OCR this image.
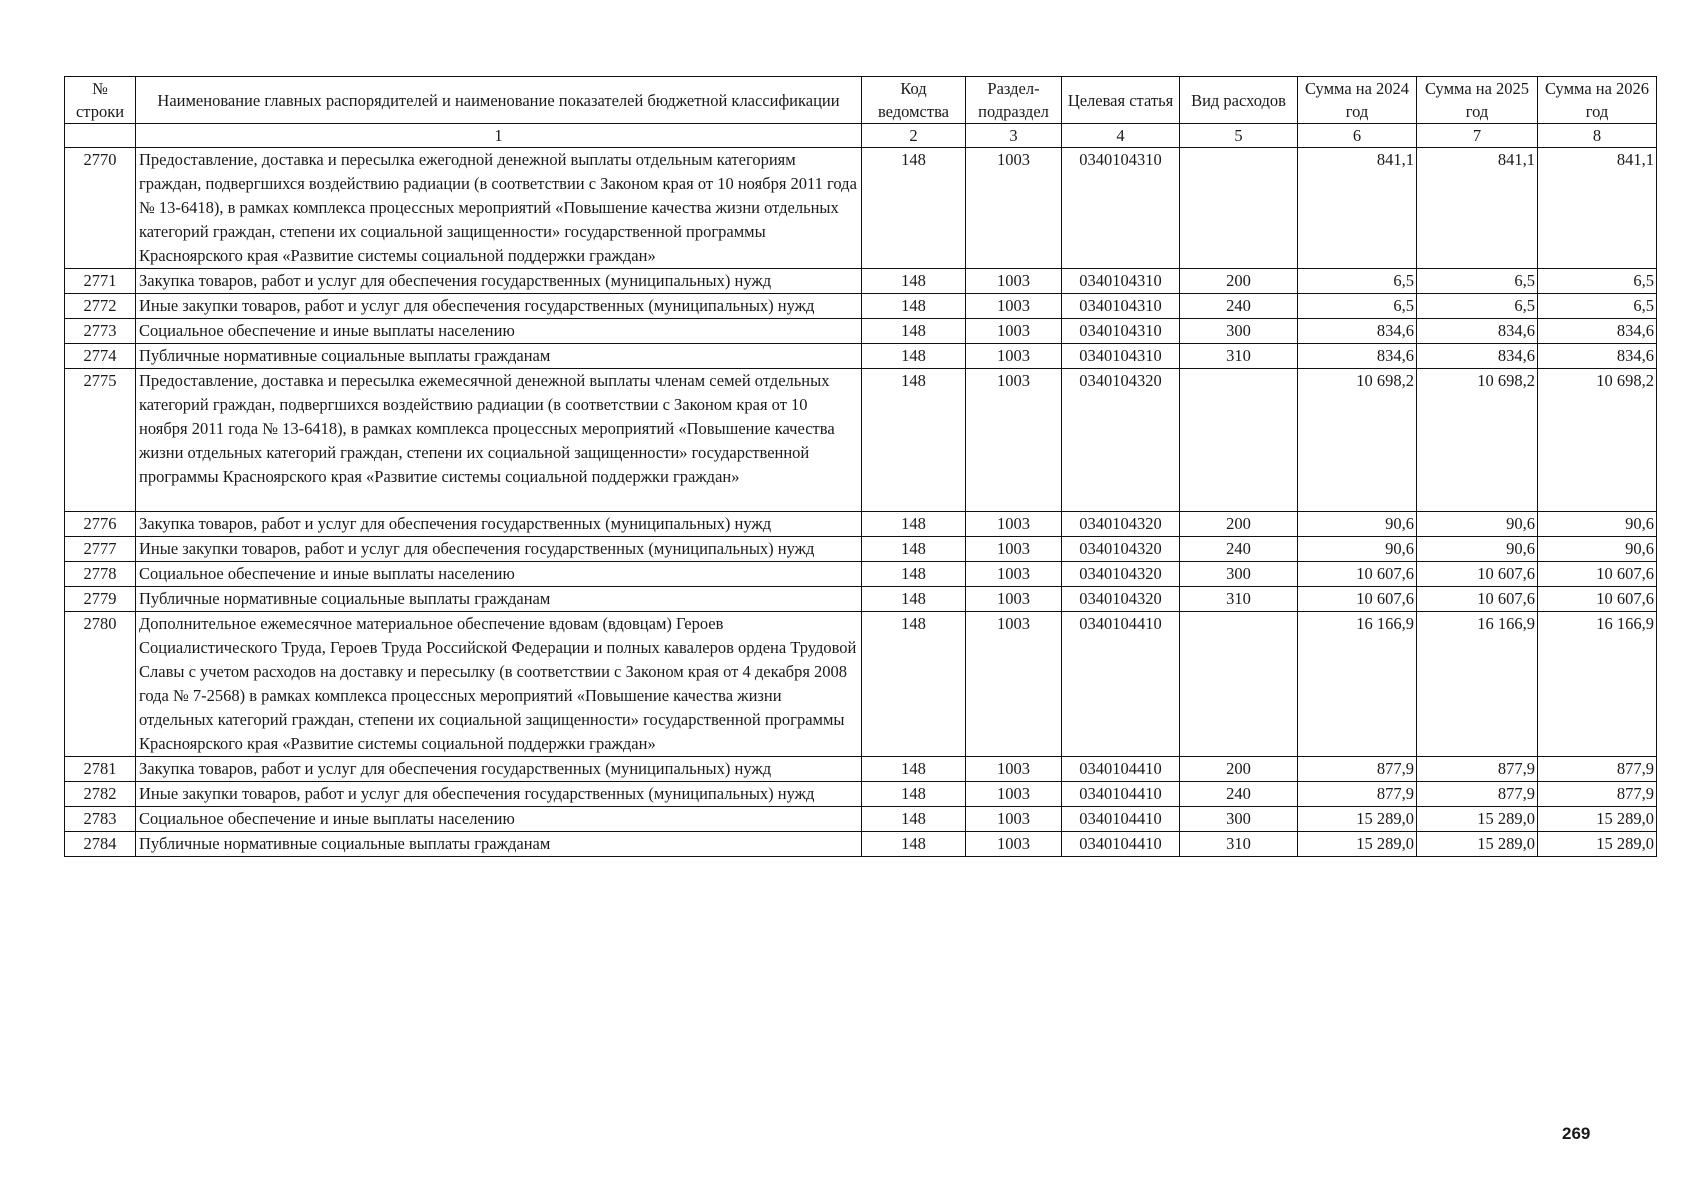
№ строки	Наименование главных распорядителей и наименование показателей бюджетной классификации	Код ведомства	Раздел-подраздел	Целевая статья	Вид расходов	Сумма на 2024 год	Сумма на 2025 год	Сумма на 2026 год
	1	2	3	4	5	6	7	8
2770	Предоставление, доставка и пересылка ежегодной денежной выплаты отдельным категориям граждан, подвергшихся воздействию радиации (в соответствии с Законом края от 10 ноября 2011 года № 13-6418), в рамках комплекса процессных мероприятий «Повышение качества жизни отдельных категорий граждан, степени их социальной защищенности» государственной программы Красноярского края «Развитие системы социальной поддержки граждан»	148	1003	0340104310		841,1	841,1	841,1
2771	Закупка товаров, работ и услуг для обеспечения государственных (муниципальных) нужд	148	1003	0340104310	200	6,5	6,5	6,5
2772	Иные закупки товаров, работ и услуг для обеспечения государственных (муниципальных) нужд	148	1003	0340104310	240	6,5	6,5	6,5
2773	Социальное обеспечение и иные выплаты населению	148	1003	0340104310	300	834,6	834,6	834,6
2774	Публичные нормативные социальные выплаты гражданам	148	1003	0340104310	310	834,6	834,6	834,6
2775	Предоставление, доставка и пересылка ежемесячной денежной выплаты членам семей отдельных категорий граждан, подвергшихся воздействию радиации (в соответствии с Законом края от 10 ноября 2011 года № 13-6418), в рамках комплекса процессных мероприятий «Повышение качества жизни отдельных категорий граждан, степени их социальной защищенности» государственной программы Красноярского края «Развитие системы социальной поддержки граждан»	148	1003	0340104320		10 698,2	10 698,2	10 698,2
2776	Закупка товаров, работ и услуг для обеспечения государственных (муниципальных) нужд	148	1003	0340104320	200	90,6	90,6	90,6
2777	Иные закупки товаров, работ и услуг для обеспечения государственных (муниципальных) нужд	148	1003	0340104320	240	90,6	90,6	90,6
2778	Социальное обеспечение и иные выплаты населению	148	1003	0340104320	300	10 607,6	10 607,6	10 607,6
2779	Публичные нормативные социальные выплаты гражданам	148	1003	0340104320	310	10 607,6	10 607,6	10 607,6
2780	Дополнительное ежемесячное материальное обеспечение вдовам (вдовцам) Героев Социалистического Труда, Героев Труда Российской Федерации и полных кавалеров ордена Трудовой Славы с учетом расходов на доставку и пересылку (в соответствии с Законом края от 4 декабря 2008 года № 7-2568) в рамках комплекса процессных мероприятий «Повышение качества жизни отдельных категорий граждан, степени их социальной защищенности» государственной программы Красноярского края «Развитие системы социальной поддержки граждан»	148	1003	0340104410		16 166,9	16 166,9	16 166,9
2781	Закупка товаров, работ и услуг для обеспечения государственных (муниципальных) нужд	148	1003	0340104410	200	877,9	877,9	877,9
2782	Иные закупки товаров, работ и услуг для обеспечения государственных (муниципальных) нужд	148	1003	0340104410	240	877,9	877,9	877,9
2783	Социальное обеспечение и иные выплаты населению	148	1003	0340104410	300	15 289,0	15 289,0	15 289,0
2784	Публичные нормативные социальные выплаты гражданам	148	1003	0340104410	310	15 289,0	15 289,0	15 289,0
269
